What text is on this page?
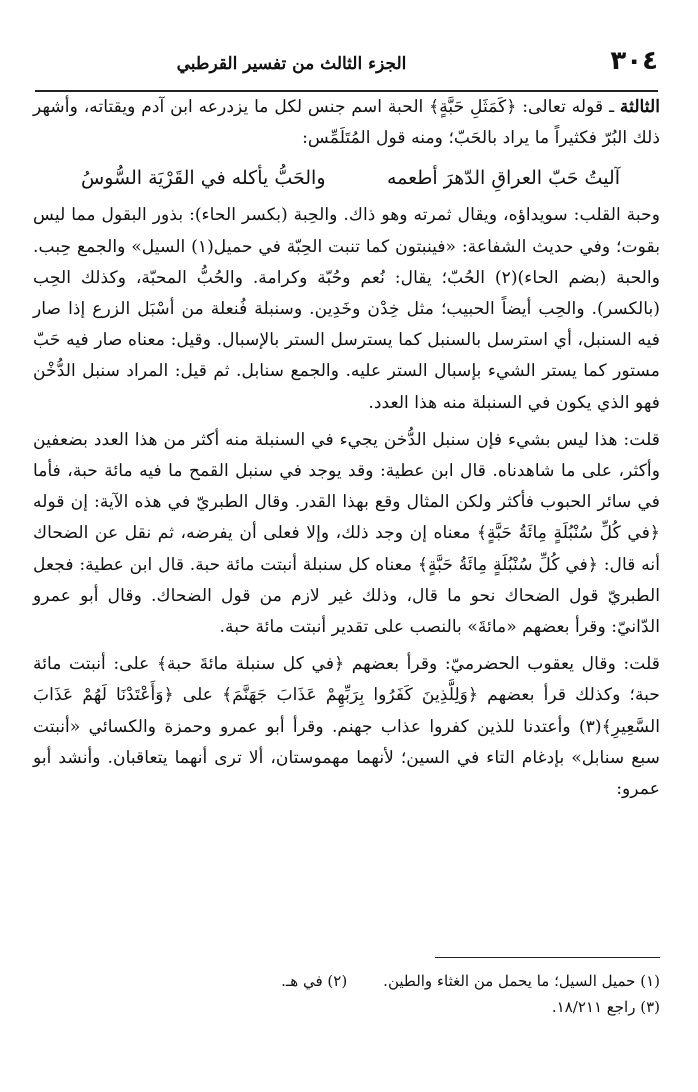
٣٠٤
الجزء الثالث من تفسير القرطبي

الثالثة ـ قوله تعالى: ﴿كَمَثَلِ حَبَّةٍ﴾ الحبة اسم جنس لكل ما يزدرعه ابن آدم ويقتاته، وأشهر ذلك البُرّ فكثيراً ما يراد بالحَبّ؛ ومنه قول المُتَلَمِّس:

آليتُ حَبّ العراقِ الدّهرَ أطعمه
والحَبُّ يأكله في القَرْيَة السُّوسُ

وحبة القلب: سويداؤه، ويقال ثمرته وهو ذاك. والحِبة (بكسر الحاء): بذور البقول مما ليس بقوت؛ وفي حديث الشفاعة: «فينبتون كما تنبت الحِبّة في حميل(١) السيل» والجمع حِبب. والحبة (بضم الحاء)(٢) الحُبّ؛ يقال: نُعم وحُبّة وكرامة. والحُبُّ المحبّة، وكذلك الحِب (بالكسر). والحِب أيضاً الحبيب؛ مثل خِدْن وخَدِين. وسنبلة فُنعلة من أسْبَل الزرع إذا صار فيه السنبل، أي استرسل بالسنبل كما يسترسل الستر بالإسبال. وقيل: معناه صار فيه حَبّ مستور كما يستر الشيء بإسبال الستر عليه. والجمع سنابل. ثم قيل: المراد سنبل الدُّخْن فهو الذي يكون في السنبلة منه هذا العدد.

قلت: هذا ليس بشيء فإن سنبل الدُّخن يجيء في السنبلة منه أكثر من هذا العدد بضعفين وأكثر، على ما شاهدناه. قال ابن عطية: وقد يوجد في سنبل القمح ما فيه مائة حبة، فأما في سائر الحبوب فأكثر ولكن المثال وقع بهذا القدر. وقال الطبريّ في هذه الآية: إن قوله ﴿في كُلِّ سُنْبُلَةٍ مِائَةُ حَبَّةٍ﴾ معناه إن وجد ذلك، وإلا فعلى أن يفرضه، ثم نقل عن الضحاك أنه قال: ﴿في كُلِّ سُنْبُلَةٍ مِائَةُ حَبَّةٍ﴾ معناه كل سنبلة أنبتت مائة حبة. قال ابن عطية: فجعل الطبريّ قول الضحاك نحو ما قال، وذلك غير لازم من قول الضحاك. وقال أبو عمرو الدّانيّ: وقرأ بعضهم «مائةَ» بالنصب على تقدير أنبتت مائة حبة.

قلت: وقال يعقوب الحضرميّ: وقرأ بعضهم ﴿في كل سنبلة مائةَ حبة﴾ على: أنبتت مائة حبة؛ وكذلك قرأ بعضهم ﴿وَلِلَّذِينَ كَفَرُوا بِرَبِّهِمْ عَذَابَ جَهَنَّمَ﴾ على ﴿وَأَعْتَدْنَا لَهُمْ عَذَابَ السَّعِيرِ﴾(٣) وأعتدنا للذين كفروا عذاب جهنم. وقرأ أبو عمرو وحمزة والكسائي «أنبتت سبع سنابل» بإدغام التاء في السين؛ لأنهما مهموستان، ألا ترى أنهما يتعاقبان. وأنشد أبو عمرو:

(١) حميل السيل؛ ما يحمل من الغثاء والطين.
(٢) في هـ.
(٣) راجع ١٨/٢١١.
